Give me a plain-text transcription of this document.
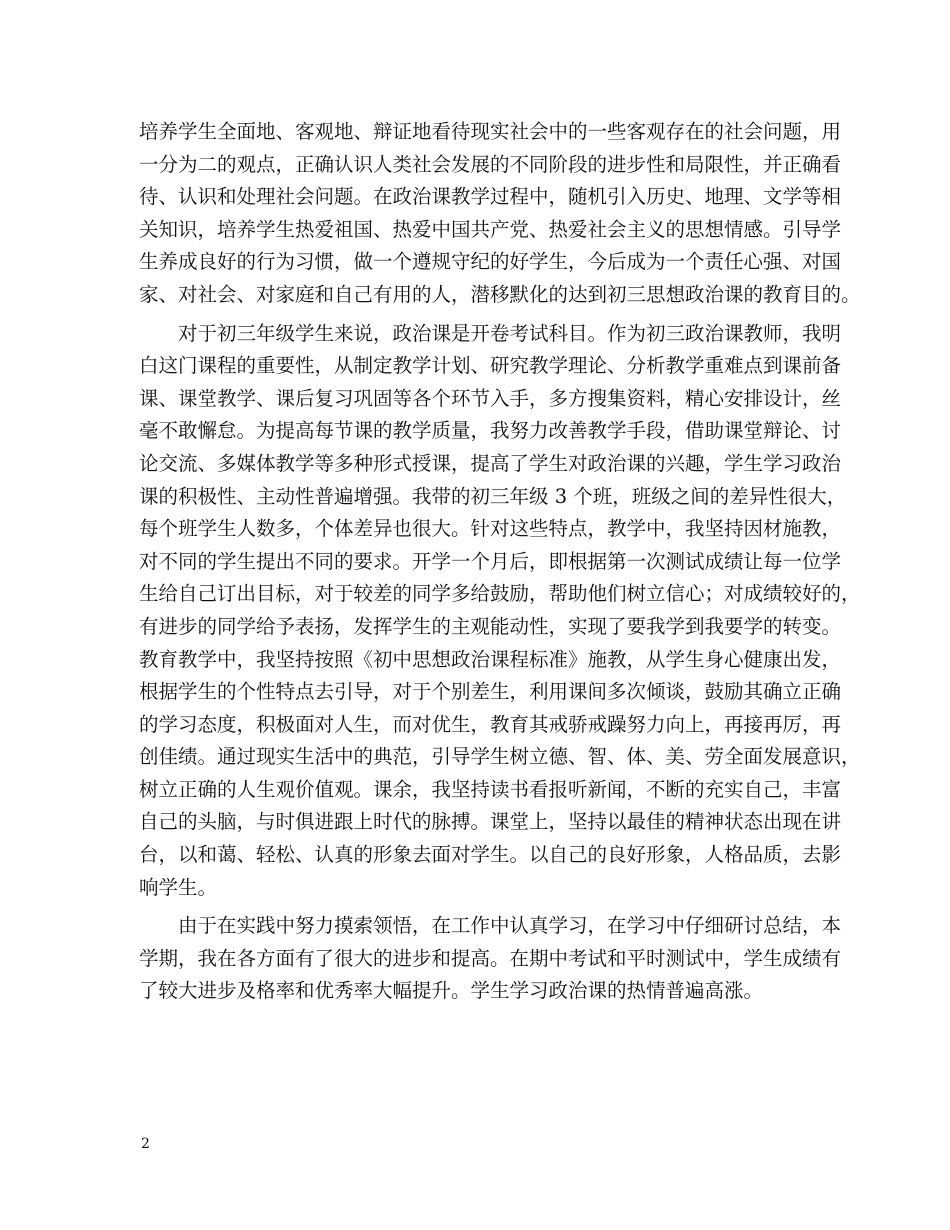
培养学生全面地、客观地、辩证地看待现实社会中的一些客观存在的社会问题，用
一分为二的观点，正确认识人类社会发展的不同阶段的进步性和局限性，并正确看
待、认识和处理社会问题。在政治课教学过程中，随机引入历史、地理、文学等相
关知识，培养学生热爱祖国、热爱中国共产党、热爱社会主义的思想情感。引导学
生养成良好的行为习惯，做一个遵规守纪的好学生，今后成为一个责任心强、对国
家、对社会、对家庭和自己有用的人，潜移默化的达到初三思想政治课的教育目的。
对于初三年级学生来说，政治课是开卷考试科目。作为初三政治课教师，我明
白这门课程的重要性，从制定教学计划、研究教学理论、分析教学重难点到课前备
课、课堂教学、课后复习巩固等各个环节入手，多方搜集资料，精心安排设计，丝
毫不敢懈怠。为提高每节课的教学质量，我努力改善教学手段，借助课堂辩论、讨
论交流、多媒体教学等多种形式授课，提高了学生对政治课的兴趣，学生学习政治
课的积极性、主动性普遍增强。我带的初三年级 3 个班，班级之间的差异性很大，
每个班学生人数多，个体差异也很大。针对这些特点，教学中，我坚持因材施教，
对不同的学生提出不同的要求。开学一个月后，即根据第一次测试成绩让每一位学
生给自己订出目标，对于较差的同学多给鼓励，帮助他们树立信心；对成绩较好的，
有进步的同学给予表扬，发挥学生的主观能动性，实现了要我学到我要学的转变。
教育教学中，我坚持按照《初中思想政治课程标准》施教，从学生身心健康出发，
根据学生的个性特点去引导，对于个别差生，利用课间多次倾谈，鼓励其确立正确
的学习态度，积极面对人生，而对优生，教育其戒骄戒躁努力向上，再接再厉，再
创佳绩。通过现实生活中的典范，引导学生树立德、智、体、美、劳全面发展意识，
树立正确的人生观价值观。课余，我坚持读书看报听新闻，不断的充实自己，丰富
自己的头脑，与时俱进跟上时代的脉搏。课堂上，坚持以最佳的精神状态出现在讲
台，以和蔼、轻松、认真的形象去面对学生。以自己的良好形象，人格品质，去影
响学生。
由于在实践中努力摸索领悟，在工作中认真学习，在学习中仔细研讨总结，本
学期，我在各方面有了很大的进步和提高。在期中考试和平时测试中，学生成绩有
了较大进步及格率和优秀率大幅提升。学生学习政治课的热情普遍高涨。
2
